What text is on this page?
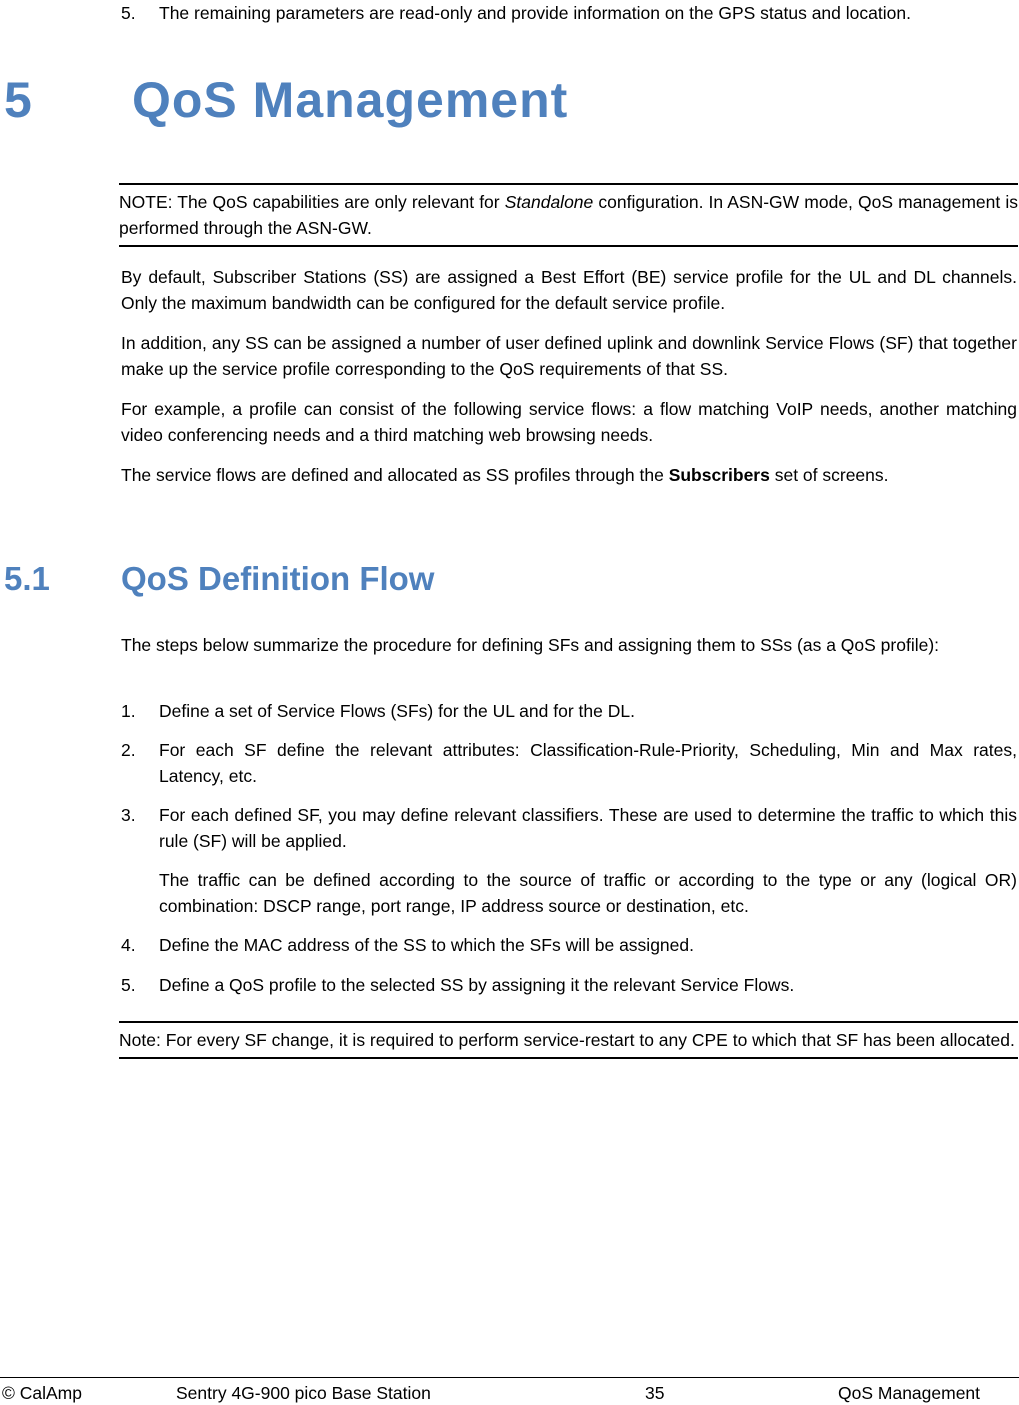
5. The remaining parameters are read-only and provide information on the GPS status and location.
5 QoS Management
NOTE: The QoS capabilities are only relevant for Standalone configuration. In ASN-GW mode, QoS management is performed through the ASN-GW.
By default, Subscriber Stations (SS) are assigned a Best Effort (BE) service profile for the UL and DL channels. Only the maximum bandwidth can be configured for the default service profile.
In addition, any SS can be assigned a number of user defined uplink and downlink Service Flows (SF) that together make up the service profile corresponding to the QoS requirements of that SS.
For example, a profile can consist of the following service flows: a flow matching VoIP needs, another matching video conferencing needs and a third matching web browsing needs.
The service flows are defined and allocated as SS profiles through the Subscribers set of screens.
5.1 QoS Definition Flow
The steps below summarize the procedure for defining SFs and assigning them to SSs (as a QoS profile):
1. Define a set of Service Flows (SFs) for the UL and for the DL.
2. For each SF define the relevant attributes: Classification-Rule-Priority, Scheduling, Min and Max rates, Latency, etc.
3. For each defined SF, you may define relevant classifiers. These are used to determine the traffic to which this rule (SF) will be applied.
The traffic can be defined according to the source of traffic or according to the type or any (logical OR) combination: DSCP range, port range, IP address source or destination, etc.
4. Define the MAC address of the SS to which the SFs will be assigned.
5. Define a QoS profile to the selected SS by assigning it the relevant Service Flows.
Note: For every SF change, it is required to perform service-restart to any CPE to which that SF has been allocated.
© CalAmp	Sentry 4G-900 pico Base Station	35	QoS Management
